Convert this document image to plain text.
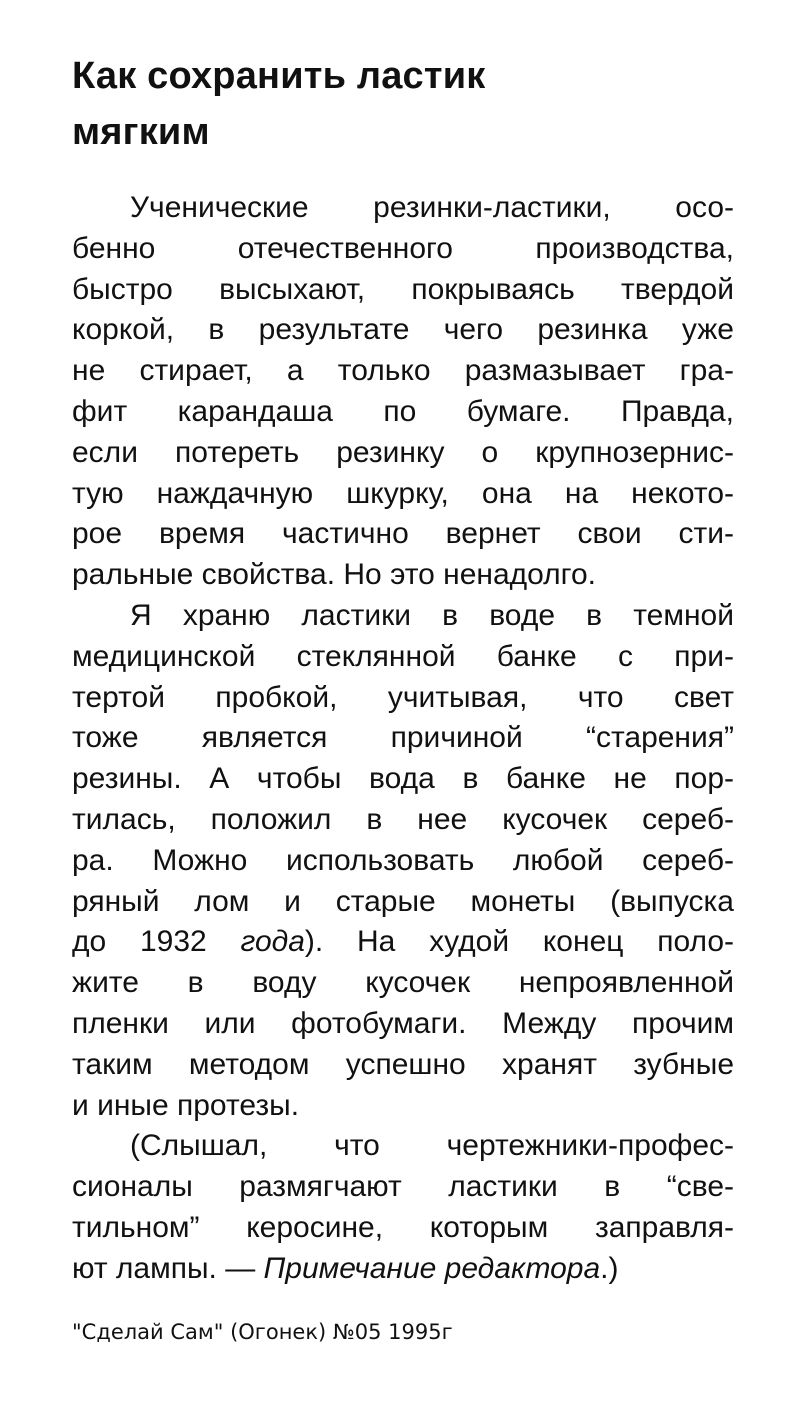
Как сохранить ластик
мягким
Ученические резинки-ластики, осо-
бенно отечественного производства,
быстро высыхают, покрываясь твердой
коркой, в результате чего резинка уже
не стирает, а только размазывает гра-
фит карандаша по бумаге. Правда,
если потереть резинку о крупнозернис-
тую наждачную шкурку, она на некото-
рое время частично вернет свои сти-
ральные свойства. Но это ненадолго.
Я храню ластики в воде в темной
медицинской стеклянной банке с при-
тертой пробкой, учитывая, что свет
тоже является причиной “старения”
резины. А чтобы вода в банке не пор-
тилась, положил в нее кусочек сереб-
ра. Можно использовать любой сереб-
ряный лом и старые монеты (выпуска
до 1932 года). На худой конец поло-
жите в воду кусочек непроявленной
пленки или фотобумаги. Между прочим
таким методом успешно хранят зубные
и иные протезы.
(Слышал, что чертежники-профес-
сионалы размягчают ластики в “све-
тильном” керосине, которым заправля-
ют лампы. — Примечание редактора.)
"Сделай Сам" (Огонек) №05 1995г
